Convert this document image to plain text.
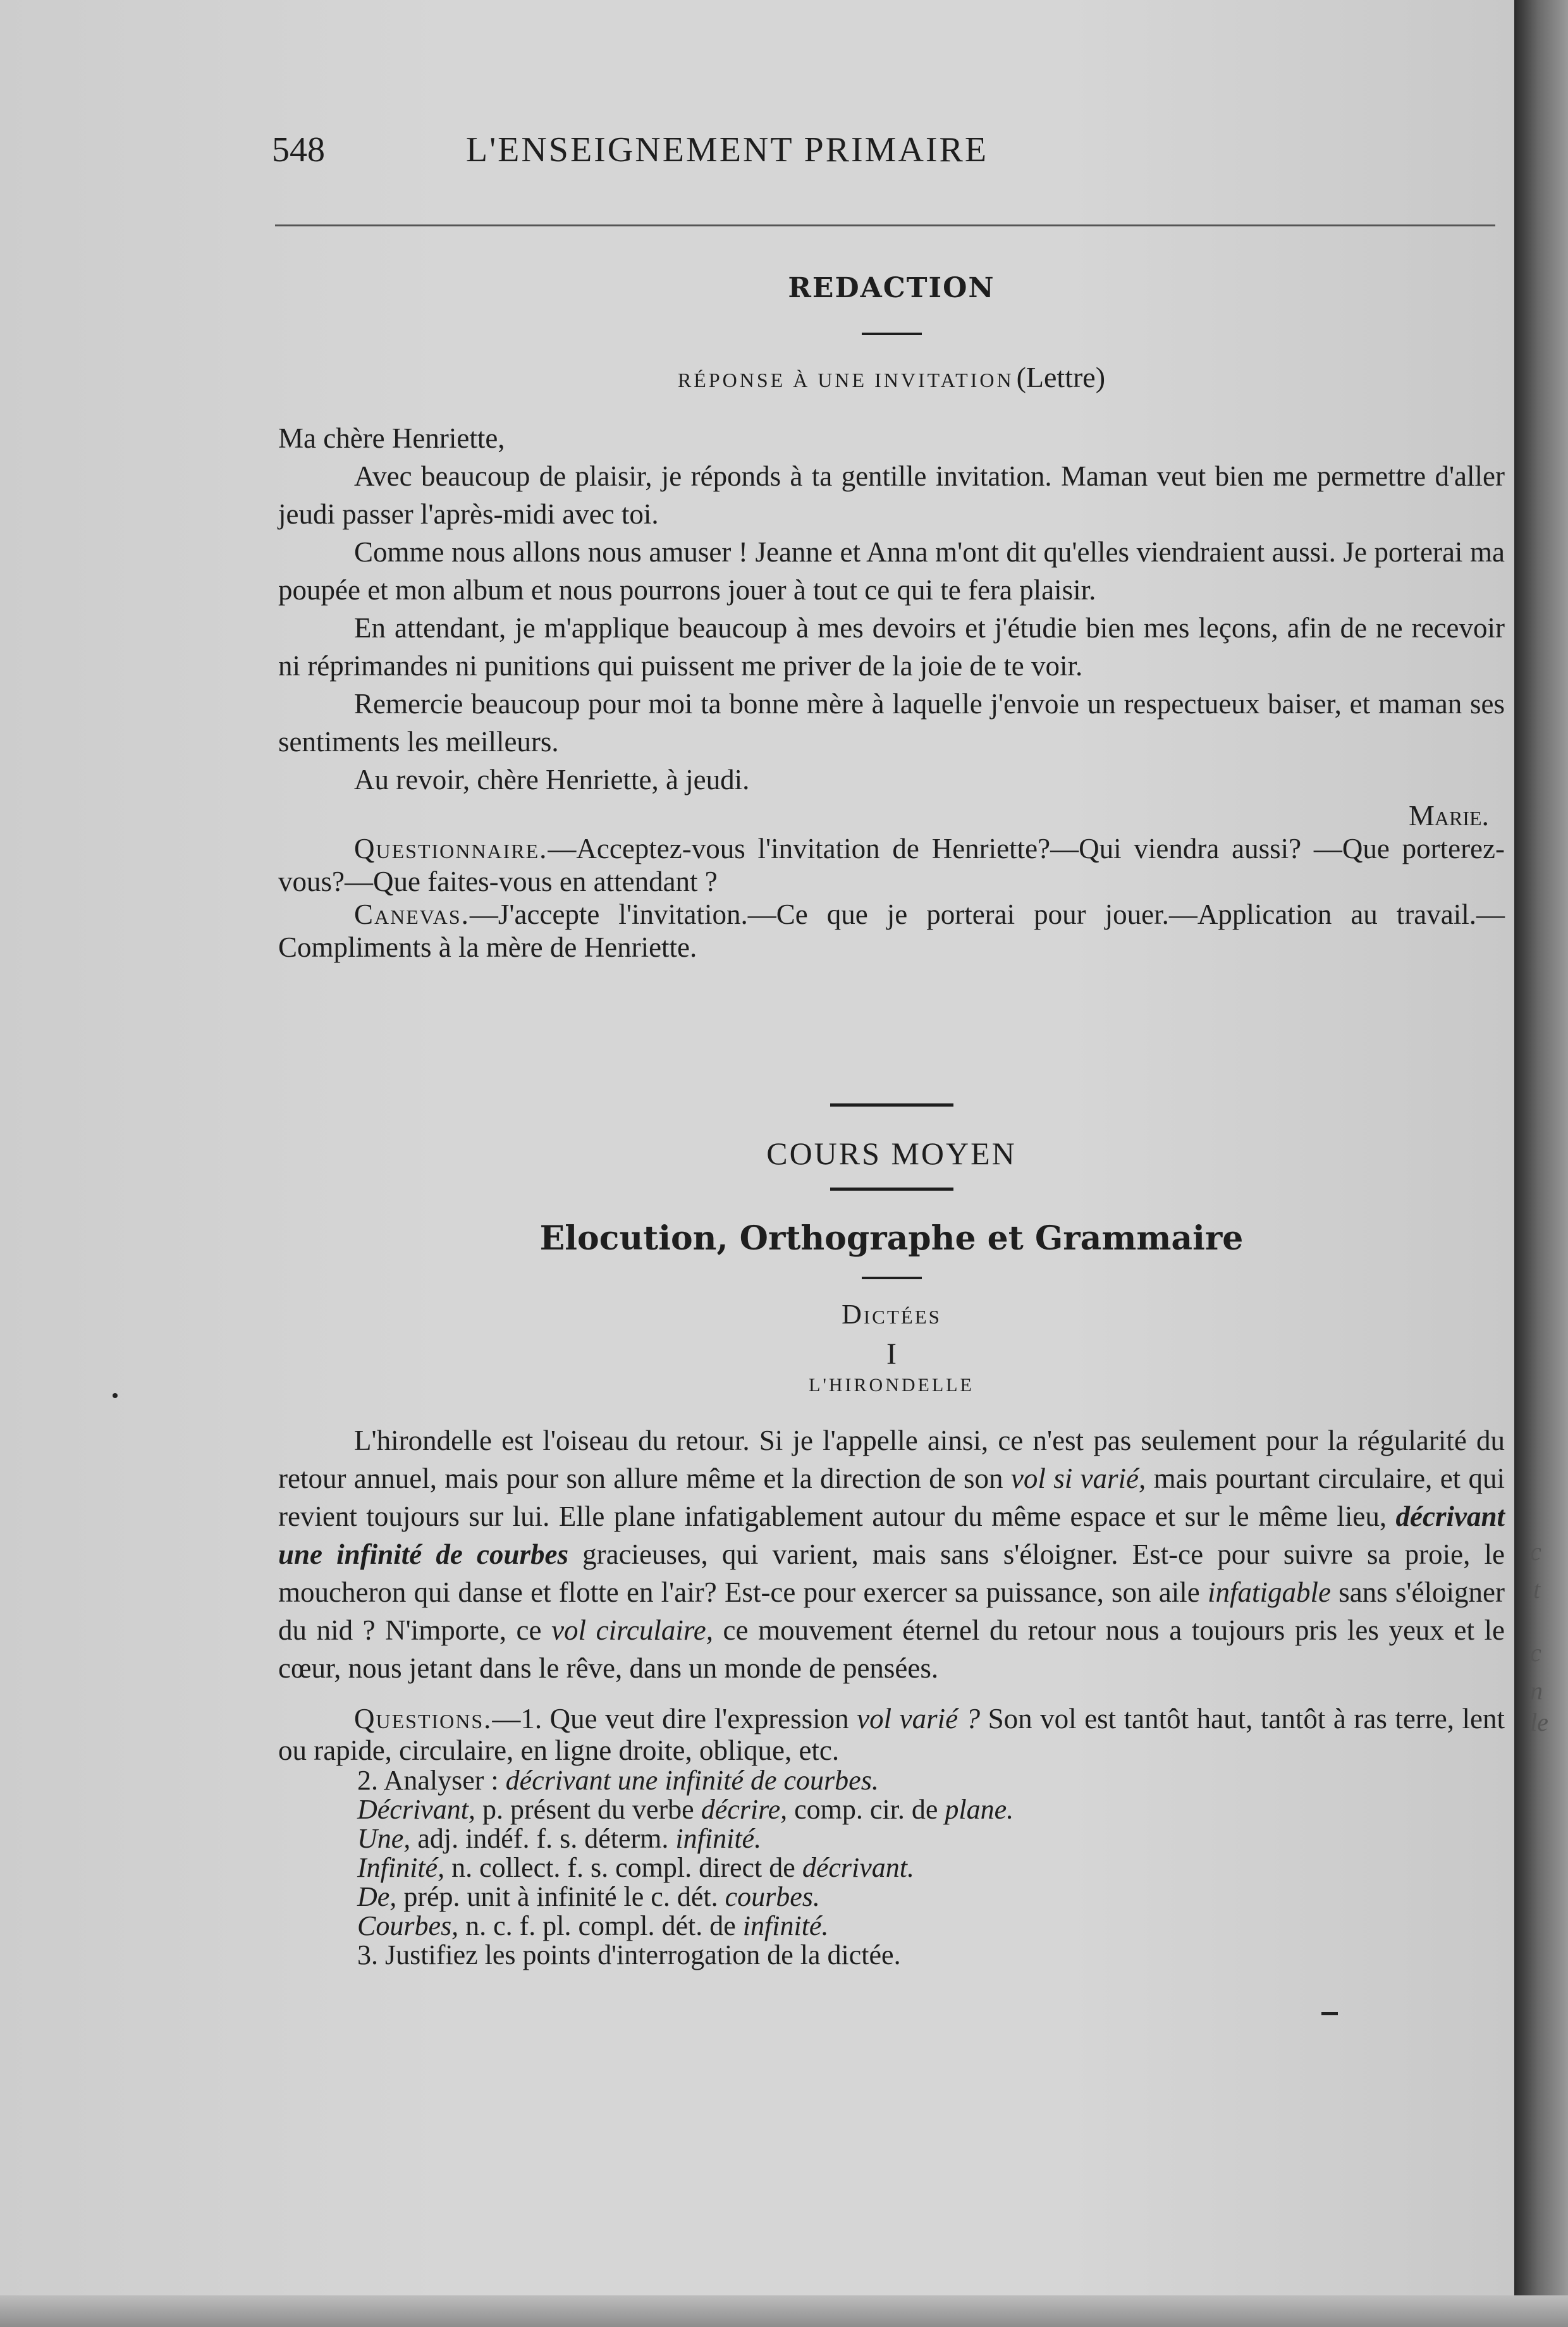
c
t
c
n
le
548	L'ENSEIGNEMENT PRIMAIRE
REDACTION
RÉPONSE À UNE INVITATION (Lettre)

Ma chère Henriette,

Avec beaucoup de plaisir, je réponds à ta gentille invitation. Maman veut bien me permettre d'aller jeudi passer l'après-midi avec toi.

Comme nous allons nous amuser ! Jeanne et Anna m'ont dit qu'elles viendraient aussi. Je porterai ma poupée et mon album et nous pourrons jouer à tout ce qui te fera plaisir.

En attendant, je m'applique beaucoup à mes devoirs et j'étudie bien mes leçons, afin de ne recevoir ni réprimandes ni punitions qui puissent me priver de la joie de te voir.

Remercie beaucoup pour moi ta bonne mère à laquelle j'envoie un respectueux baiser, et maman ses sentiments les meilleurs.

Au revoir, chère Henriette, à jeudi.

Marie.

Questionnaire.—Acceptez-vous l'invitation de Henriette?—Qui viendra aussi? —Que porterez-vous?—Que faites-vous en attendant ?

Canevas.—J'accepte l'invitation.—Ce que je porterai pour jouer.—Application au travail.—Compliments à la mère de Henriette.

COURS MOYEN
Elocution, Orthographe et Grammaire
Dictées
I
L'HIRONDELLE

L'hirondelle est l'oiseau du retour. Si je l'appelle ainsi, ce n'est pas seulement pour la régularité du retour annuel, mais pour son allure même et la direction de son vol si varié, mais pourtant circulaire, et qui revient toujours sur lui. Elle plane infatigablement autour du même espace et sur le même lieu, décrivant une infinité de courbes gracieuses, qui varient, mais sans s'éloigner. Est-ce pour suivre sa proie, le moucheron qui danse et flotte en l'air? Est-ce pour exercer sa puissance, son aile infatigable sans s'éloigner du nid ? N'importe, ce vol circulaire, ce mouvement éternel du retour nous a toujours pris les yeux et le cœur, nous jetant dans le rêve, dans un monde de pensées.

Questions.—1. Que veut dire l'expression vol varié ? Son vol est tantôt haut, tantôt à ras terre, lent ou rapide, circulaire, en ligne droite, oblique, etc.

2. Analyser : décrivant une infinité de courbes.
Décrivant, p. présent du verbe décrire, comp. cir. de plane.
Une, adj. indéf. f. s. déterm. infinité.
Infinité, n. collect. f. s. compl. direct de décrivant.
De, prép. unit à infinité le c. dét. courbes.
Courbes, n. c. f. pl. compl. dét. de infinité.
3. Justifiez les points d'interrogation de la dictée.
